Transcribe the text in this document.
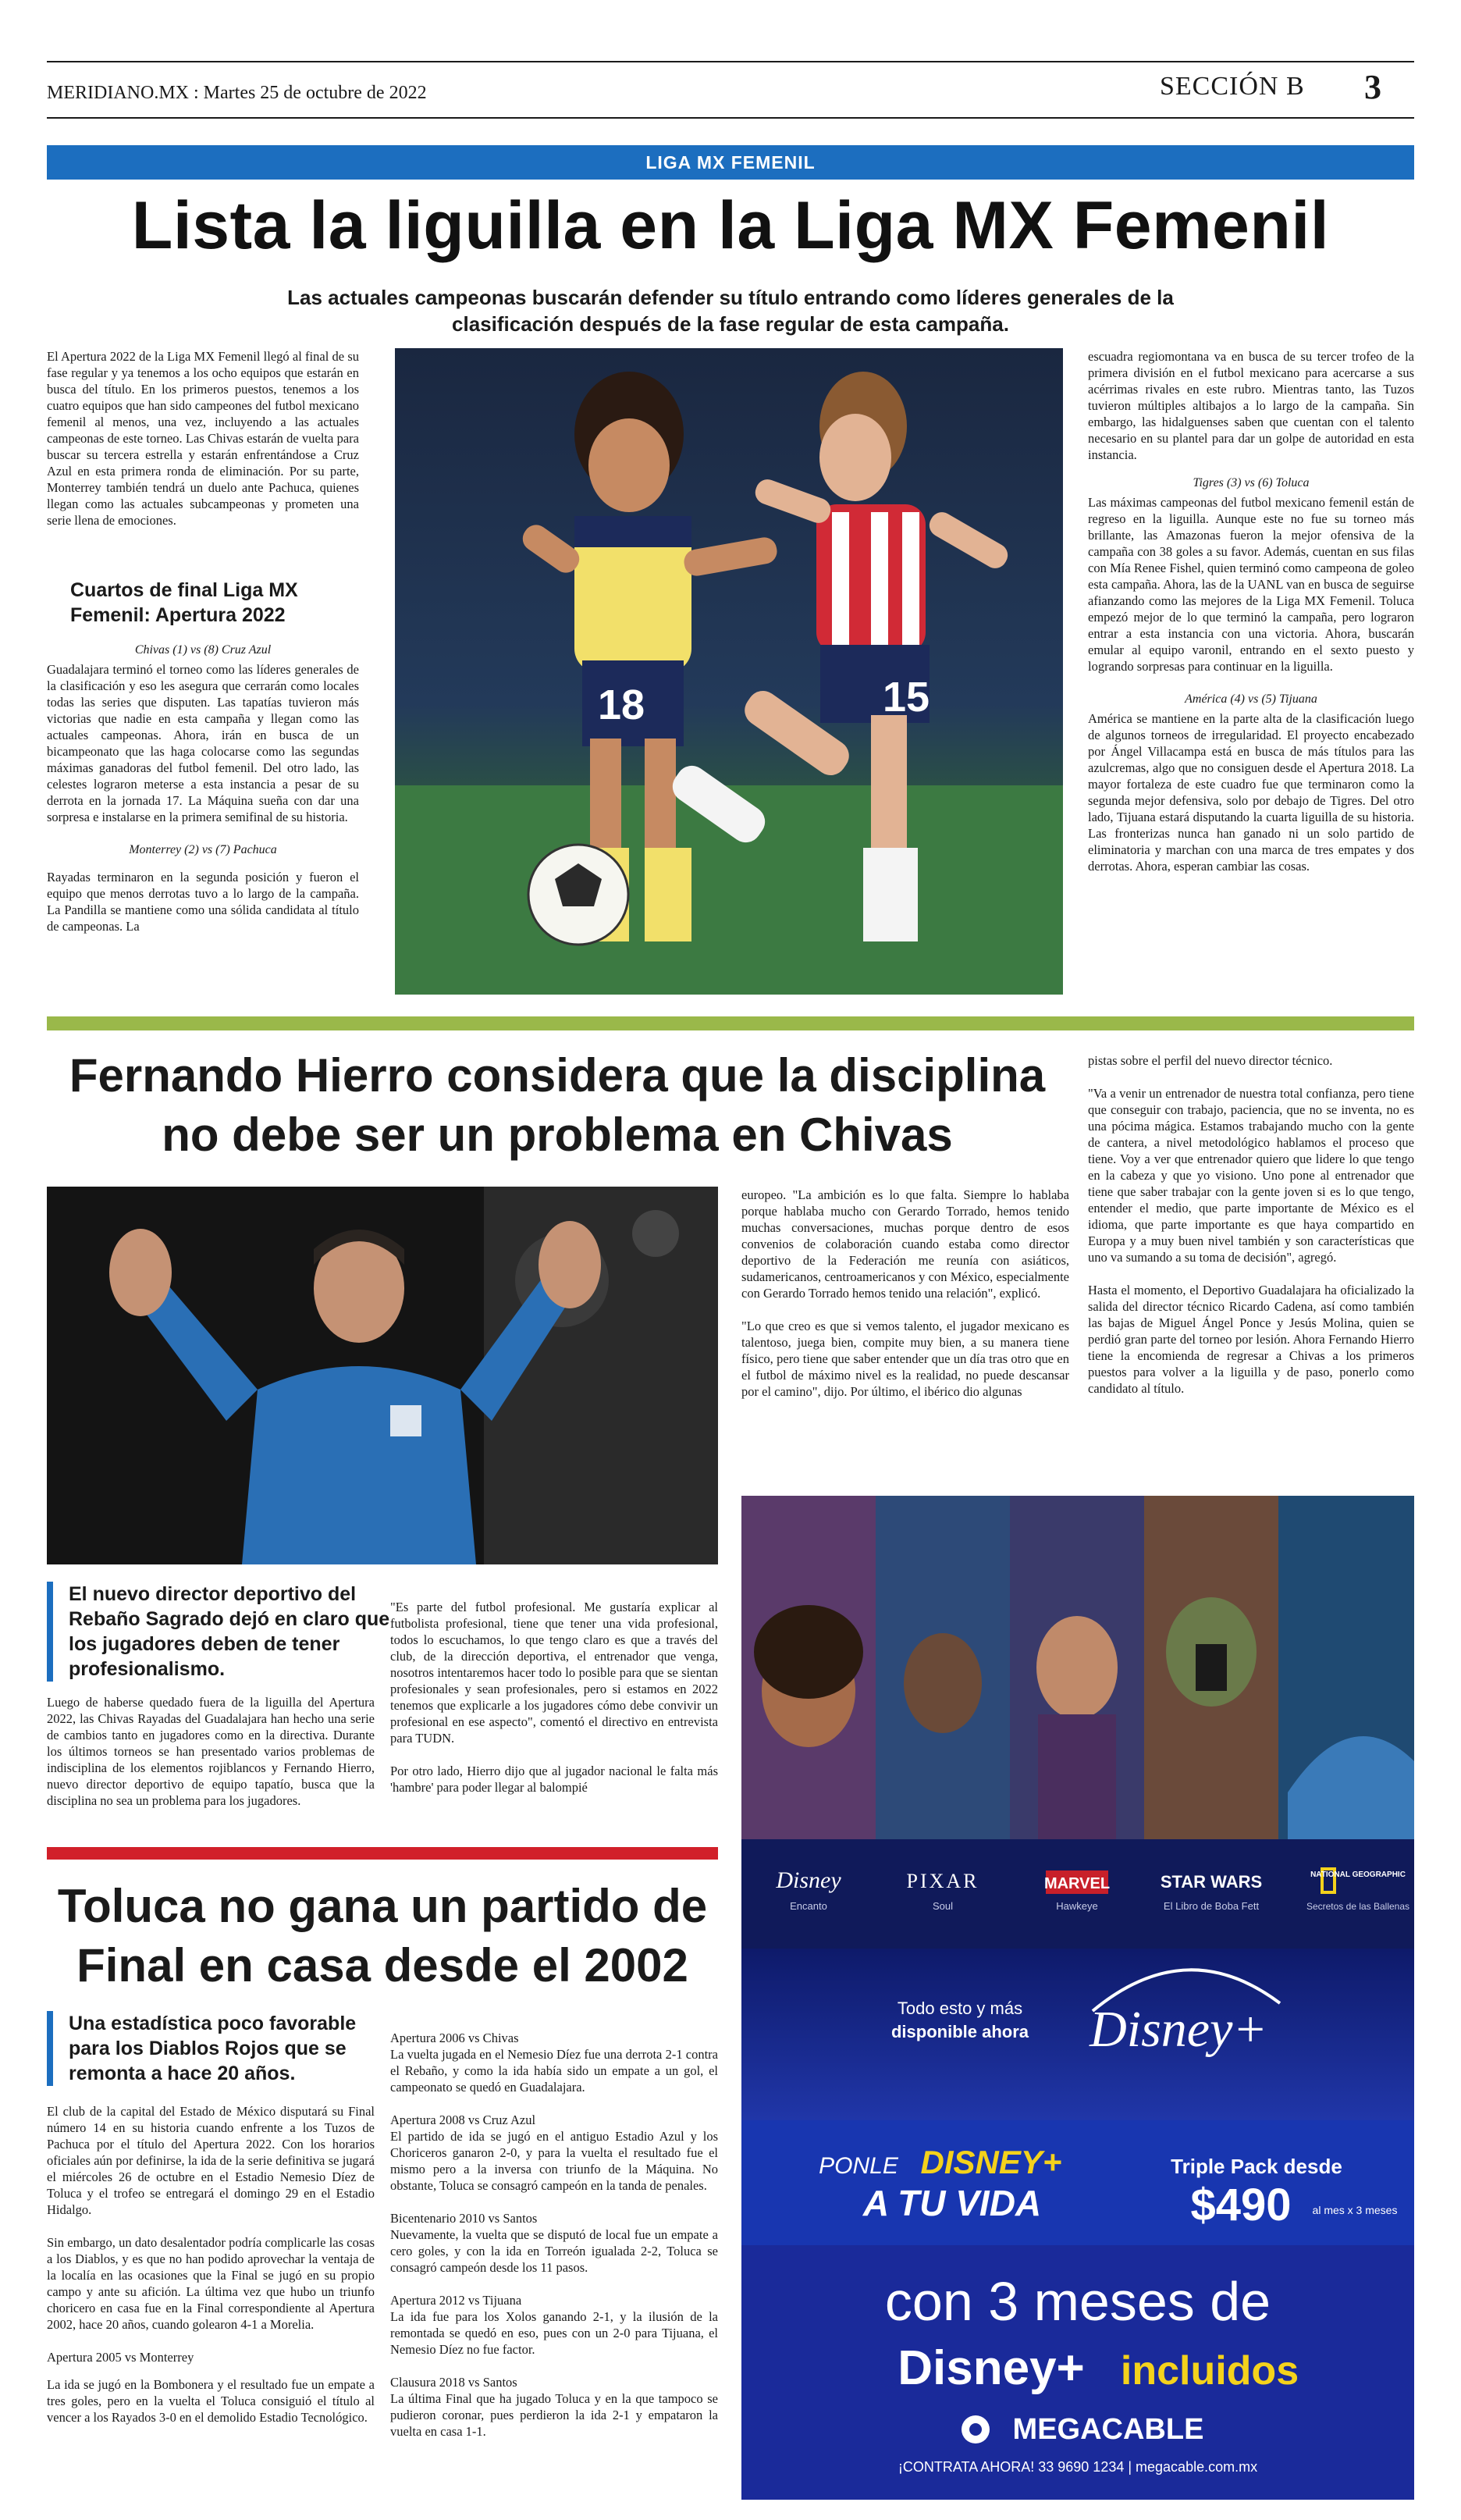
MERIDIANO.MX : Martes 25 de octubre de 2022	SECCIÓN B 3
LIGA MX FEMENIL
Lista la liguilla en la Liga MX Femenil
Las actuales campeonas buscarán defender su título entrando como líderes generales de la clasificación después de la fase regular de esta campaña.

El Apertura 2022 de la Liga MX Femenil llegó al final de su fase regular y ya tenemos a los ocho equipos que estarán en busca del título. En los primeros puestos, tenemos a los cuatro equipos que han sido campeones del futbol mexicano femenil al menos, una vez, incluyendo a las actuales campeonas de este torneo. Las Chivas estarán de vuelta para buscar su tercera estrella y estarán enfrentándose a Cruz Azul en esta primera ronda de eliminación. Por su parte, Monterrey también tendrá un duelo ante Pachuca, quienes llegan como las actuales subcampeonas y prometen una serie llena de emociones.

Cuartos de final Liga MX Femenil: Apertura 2022
Chivas (1) vs (8) Cruz Azul

Guadalajara terminó el torneo como las líderes generales de la clasificación y eso les asegura que cerrarán como locales todas las series que disputen. Las tapatías tuvieron más victorias que nadie en esta campaña y llegan como las actuales campeonas. Ahora, irán en busca de un bicampeonato que las haga colocarse como las segundas máximas ganadoras del futbol femenil. Del otro lado, las celestes lograron meterse a esta instancia a pesar de su derrota en la jornada 17. La Máquina sueña con dar una sorpresa e instalarse en la primera semifinal de su historia.

Monterrey (2) vs (7) Pachuca

Rayadas terminaron en la segunda posición y fueron el equipo que menos derrotas tuvo a lo largo de la campaña. La Pandilla se mantiene como una sólida candidata al título de campeonas. La

18	15

escuadra regiomontana va en busca de su tercer trofeo de la primera división en el futbol mexicano para acercarse a sus acérrimas rivales en este rubro. Mientras tanto, las Tuzos tuvieron múltiples altibajos a lo largo de la campaña. Sin embargo, las hidalguenses saben que cuentan con el talento necesario en su plantel para dar un golpe de autoridad en esta instancia.

Tigres (3) vs (6) Toluca

Las máximas campeonas del futbol mexicano femenil están de regreso en la liguilla. Aunque este no fue su torneo más brillante, las Amazonas fueron la mejor ofensiva de la campaña con 38 goles a su favor. Además, cuentan en sus filas con Mía Renee Fishel, quien terminó como campeona de goleo esta campaña. Ahora, las de la UANL van en busca de seguirse afianzando como las mejores de la Liga MX Femenil. Toluca empezó mejor de lo que terminó la campaña, pero lograron entrar a esta instancia con una victoria. Ahora, buscarán emular al equipo varonil, entrando en el sexto puesto y logrando sorpresas para continuar en la liguilla.

América (4) vs (5) Tijuana

América se mantiene en la parte alta de la clasificación luego de algunos torneos de irregularidad. El proyecto encabezado por Ángel Villacampa está en busca de más títulos para las azulcremas, algo que no consiguen desde el Apertura 2018. La mayor fortaleza de este cuadro fue que terminaron como la segunda mejor defensiva, solo por debajo de Tigres. Del otro lado, Tijuana estará disputando la cuarta liguilla de su historia. Las fronterizas nunca han ganado ni un solo partido de eliminatoria y marchan con una marca de tres empates y dos derrotas. Ahora, esperan cambiar las cosas.

Fernando Hierro considera que la disciplina no debe ser un problema en Chivas
El nuevo director deportivo del Rebaño Sagrado dejó en claro que los jugadores deben de tener profesionalismo.

Luego de haberse quedado fuera de la liguilla del Apertura 2022, las Chivas Rayadas del Guadalajara han hecho una serie de cambios tanto en jugadores como en la directiva. Durante los últimos torneos se han presentado varios problemas de indisciplina de los elementos rojiblancos y Fernando Hierro, nuevo director deportivo de equipo tapatío, busca que la disciplina no sea un problema para los jugadores.

"Es parte del futbol profesional. Me gustaría explicar al futbolista profesional, tiene que tener una vida profesional, todos lo escuchamos, lo que tengo claro es que a través del club, de la dirección deportiva, el entrenador que venga, nosotros intentaremos hacer todo lo posible para que se sientan profesionales y sean profesionales, pero si estamos en 2022 tenemos que explicarle a los jugadores cómo debe convivir un profesional en ese aspecto", comentó el directivo en entrevista para TUDN.

Por otro lado, Hierro dijo que al jugador nacional le falta más 'hambre' para poder llegar al balompié

europeo. "La ambición es lo que falta. Siempre lo hablaba porque hablaba mucho con Gerardo Torrado, hemos tenido muchas conversaciones, muchas porque dentro de esos convenios de colaboración cuando estaba como director deportivo de la Federación me reunía con asiáticos, sudamericanos, centroamericanos y con México, especialmente con Gerardo Torrado hemos tenido una relación", explicó.

"Lo que creo es que si vemos talento, el jugador mexicano es talentoso, juega bien, compite muy bien, a su manera tiene físico, pero tiene que saber entender que un día tras otro que en el futbol de máximo nivel es la realidad, no puede descansar por el camino", dijo. Por último, el ibérico dio algunas

pistas sobre el perfil del nuevo director técnico.

"Va a venir un entrenador de nuestra total confianza, pero tiene que conseguir con trabajo, paciencia, que no se inventa, no es una pócima mágica. Estamos trabajando mucho con la gente de cantera, a nivel metodológico hablamos el proceso que tiene. Voy a ver que entrenador quiero que lidere lo que tengo en la cabeza y que yo visiono. Uno pone al entrenador que tiene que saber trabajar con la gente joven si es lo que tengo, entender el medio, que parte importante de México es el idioma, que parte importante es que haya compartido en Europa y a muy buen nivel también y son características que uno va sumando a su toma de decisión", agregó.

Hasta el momento, el Deportivo Guadalajara ha oficializado la salida del director técnico Ricardo Cadena, así como también las bajas de Miguel Ángel Ponce y Jesús Molina, quien se perdió gran parte del torneo por lesión. Ahora Fernando Hierro tiene la encomienda de regresar a Chivas a los primeros puestos para volver a la liguilla y de paso, ponerlo como candidato al título.

Disney
Encanto
PIXAR
Soul
MARVEL
Hawkeye
STAR WARS
El Libro de Boba Fett
NATIONAL GEOGRAPHIC
Secretos de las Ballenas
Todo esto y más
disponible ahora Disney+
PONLE DISNEY+
A TU VIDA
Triple Pack desde
$490 al mes x 3 meses
con 3 meses de
Disney+ incluidos
MEGACABLE
¡CONTRATA AHORA! 33 9690 1234 | megacable.com.mx
Toluca no gana un partido de Final en casa desde el 2002
Una estadística poco favorable para los Diablos Rojos que se remonta a hace 20 años.

El club de la capital del Estado de México disputará su Final número 14 en su historia cuando enfrente a los Tuzos de Pachuca por el título del Apertura 2022. Con los horarios oficiales aún por definirse, la ida de la serie definitiva se jugará el miércoles 26 de octubre en el Estadio Nemesio Díez de Toluca y el trofeo se entregará el domingo 29 en el Estadio Hidalgo.

Sin embargo, un dato desalentador podría complicarle las cosas a los Diablos, y es que no han podido aprovechar la ventaja de la localía en las ocasiones que la Final se jugó en su propio campo y ante su afición. La última vez que hubo un triunfo choricero en casa fue en la Final correspondiente al Apertura 2002, hace 20 años, cuando golearon 4-1 a Morelia.

Apertura 2005 vs Monterrey

La ida se jugó en la Bombonera y el resultado fue un empate a tres goles, pero en la vuelta el Toluca consiguió el título al vencer a los Rayados 3-0 en el demolido Estadio Tecnológico.

Apertura 2006 vs Chivas

La vuelta jugada en el Nemesio Díez fue una derrota 2-1 contra el Rebaño, y como la ida había sido un empate a un gol, el campeonato se quedó en Guadalajara.

Apertura 2008 vs Cruz Azul

El partido de ida se jugó en el antiguo Estadio Azul y los Choriceros ganaron 2-0, y para la vuelta el resultado fue el mismo pero a la inversa con triunfo de la Máquina. No obstante, Toluca se consagró campeón en la tanda de penales.

Bicentenario 2010 vs Santos

Nuevamente, la vuelta que se disputó de local fue un empate a cero goles, y con la ida en Torreón igualada 2-2, Toluca se consagró campeón desde los 11 pasos.

Apertura 2012 vs Tijuana

La ida fue para los Xolos ganando 2-1, y la ilusión de la remontada se quedó en eso, pues con un 2-0 para Tijuana, el Nemesio Díez no fue factor.

Clausura 2018 vs Santos

La última Final que ha jugado Toluca y en la que tampoco se pudieron coronar, pues perdieron la ida 2-1 y empataron la vuelta en casa 1-1.
